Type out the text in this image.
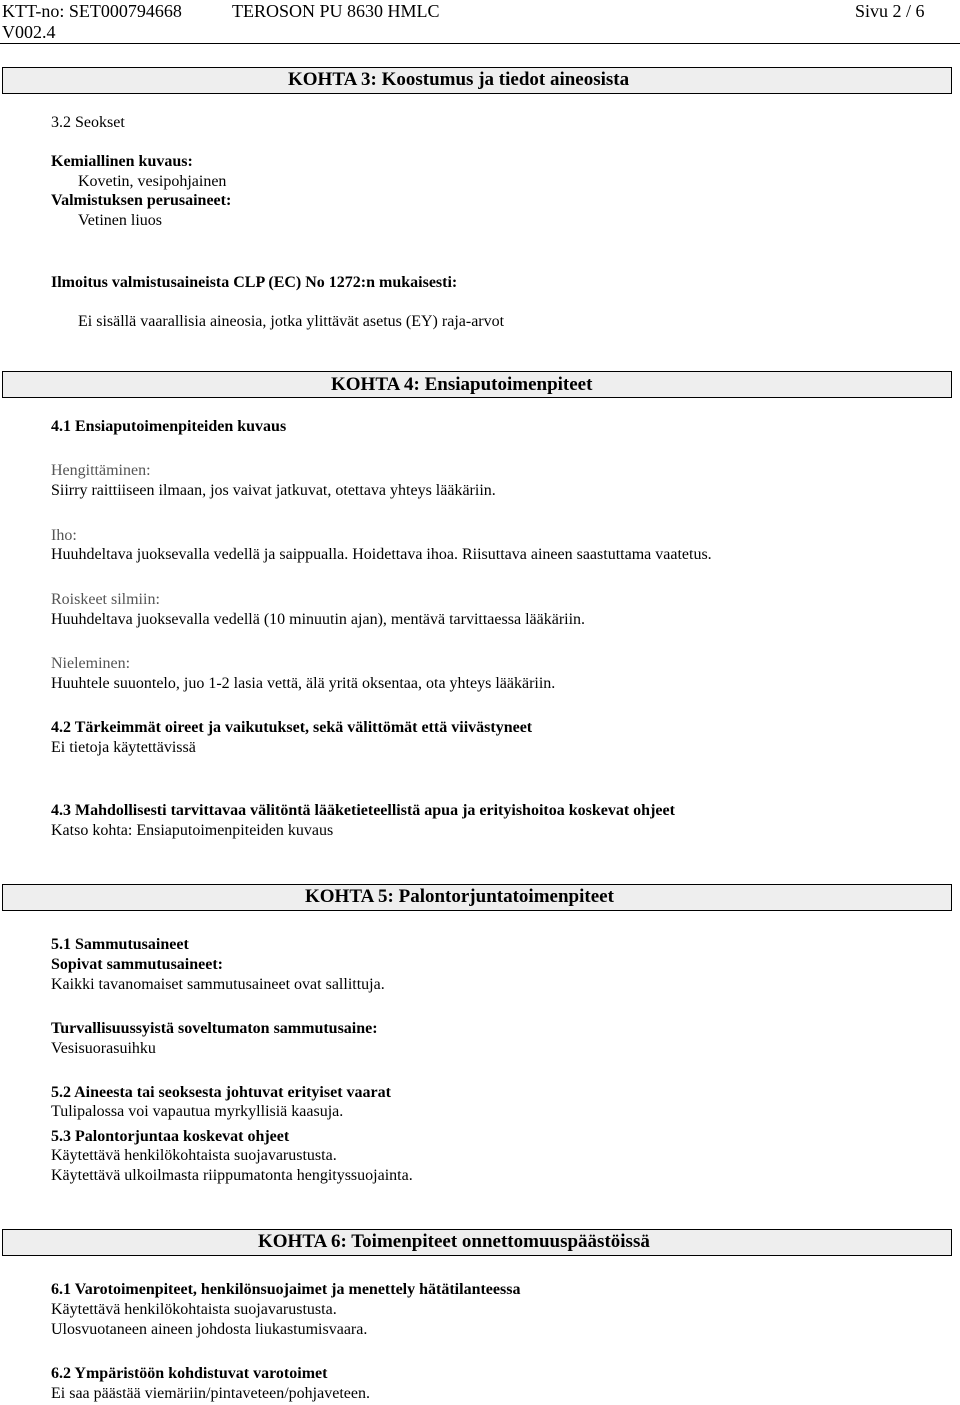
KTT-no: SET000794668	TEROSON PU 8630 HMLC	Sivu 2 / 6
V002.4
KOHTA 3: Koostumus ja tiedot aineosista
3.2 Seokset
Kemiallinen kuvaus:
Kovetin, vesipohjainen
Valmistuksen perusaineet:
Vetinen liuos
Ilmoitus valmistusaineista CLP (EC) No 1272:n mukaisesti:
Ei sisällä vaarallisia aineosia, jotka ylittävät asetus (EY) raja-arvot
KOHTA 4: Ensiaputoimenpiteet
4.1 Ensiaputoimenpiteiden kuvaus
Hengittäminen:
Siirry raittiiseen ilmaan, jos vaivat jatkuvat, otettava yhteys lääkäriin.
Iho:
Huuhdeltava juoksevalla vedellä ja saippualla. Hoidettava ihoa. Riisuttava aineen saastuttama vaatetus.
Roiskeet silmiin:
Huuhdeltava juoksevalla vedellä (10 minuutin ajan), mentävä tarvittaessa lääkäriin.
Nieleminen:
Huuhtele suuontelo, juo 1-2 lasia vettä, älä yritä oksentaa, ota yhteys lääkäriin.
4.2 Tärkeimmät oireet ja vaikutukset, sekä välittömät että viivästyneet
Ei tietoja käytettävissä
4.3 Mahdollisesti tarvittavaa välitöntä lääketieteellistä apua ja erityishoitoa koskevat ohjeet
Katso kohta: Ensiaputoimenpiteiden kuvaus
KOHTA 5: Palontorjuntatoimenpiteet
5.1 Sammutusaineet
Sopivat sammutusaineet:
Kaikki tavanomaiset sammutusaineet ovat sallittuja.
Turvallisuussyistä soveltumaton sammutusaine:
Vesisuorasuihku
5.2 Aineesta tai seoksesta johtuvat erityiset vaarat
Tulipalossa voi vapautua myrkyllisiä kaasuja.
5.3 Palontorjuntaa koskevat ohjeet
Käytettävä henkilökohtaista suojavarustusta.
Käytettävä ulkoilmasta riippumatonta hengityssuojainta.
KOHTA 6: Toimenpiteet onnettomuuspäästöissä
6.1 Varotoimenpiteet, henkilönsuojaimet ja menettely hätätilanteessa
Käytettävä henkilökohtaista suojavarustusta.
Ulosvuotaneen aineen johdosta liukastumisvaara.
6.2 Ympäristöön kohdistuvat varotoimet
Ei saa päästää viemäriin/pintaveteen/pohjaveteen.
